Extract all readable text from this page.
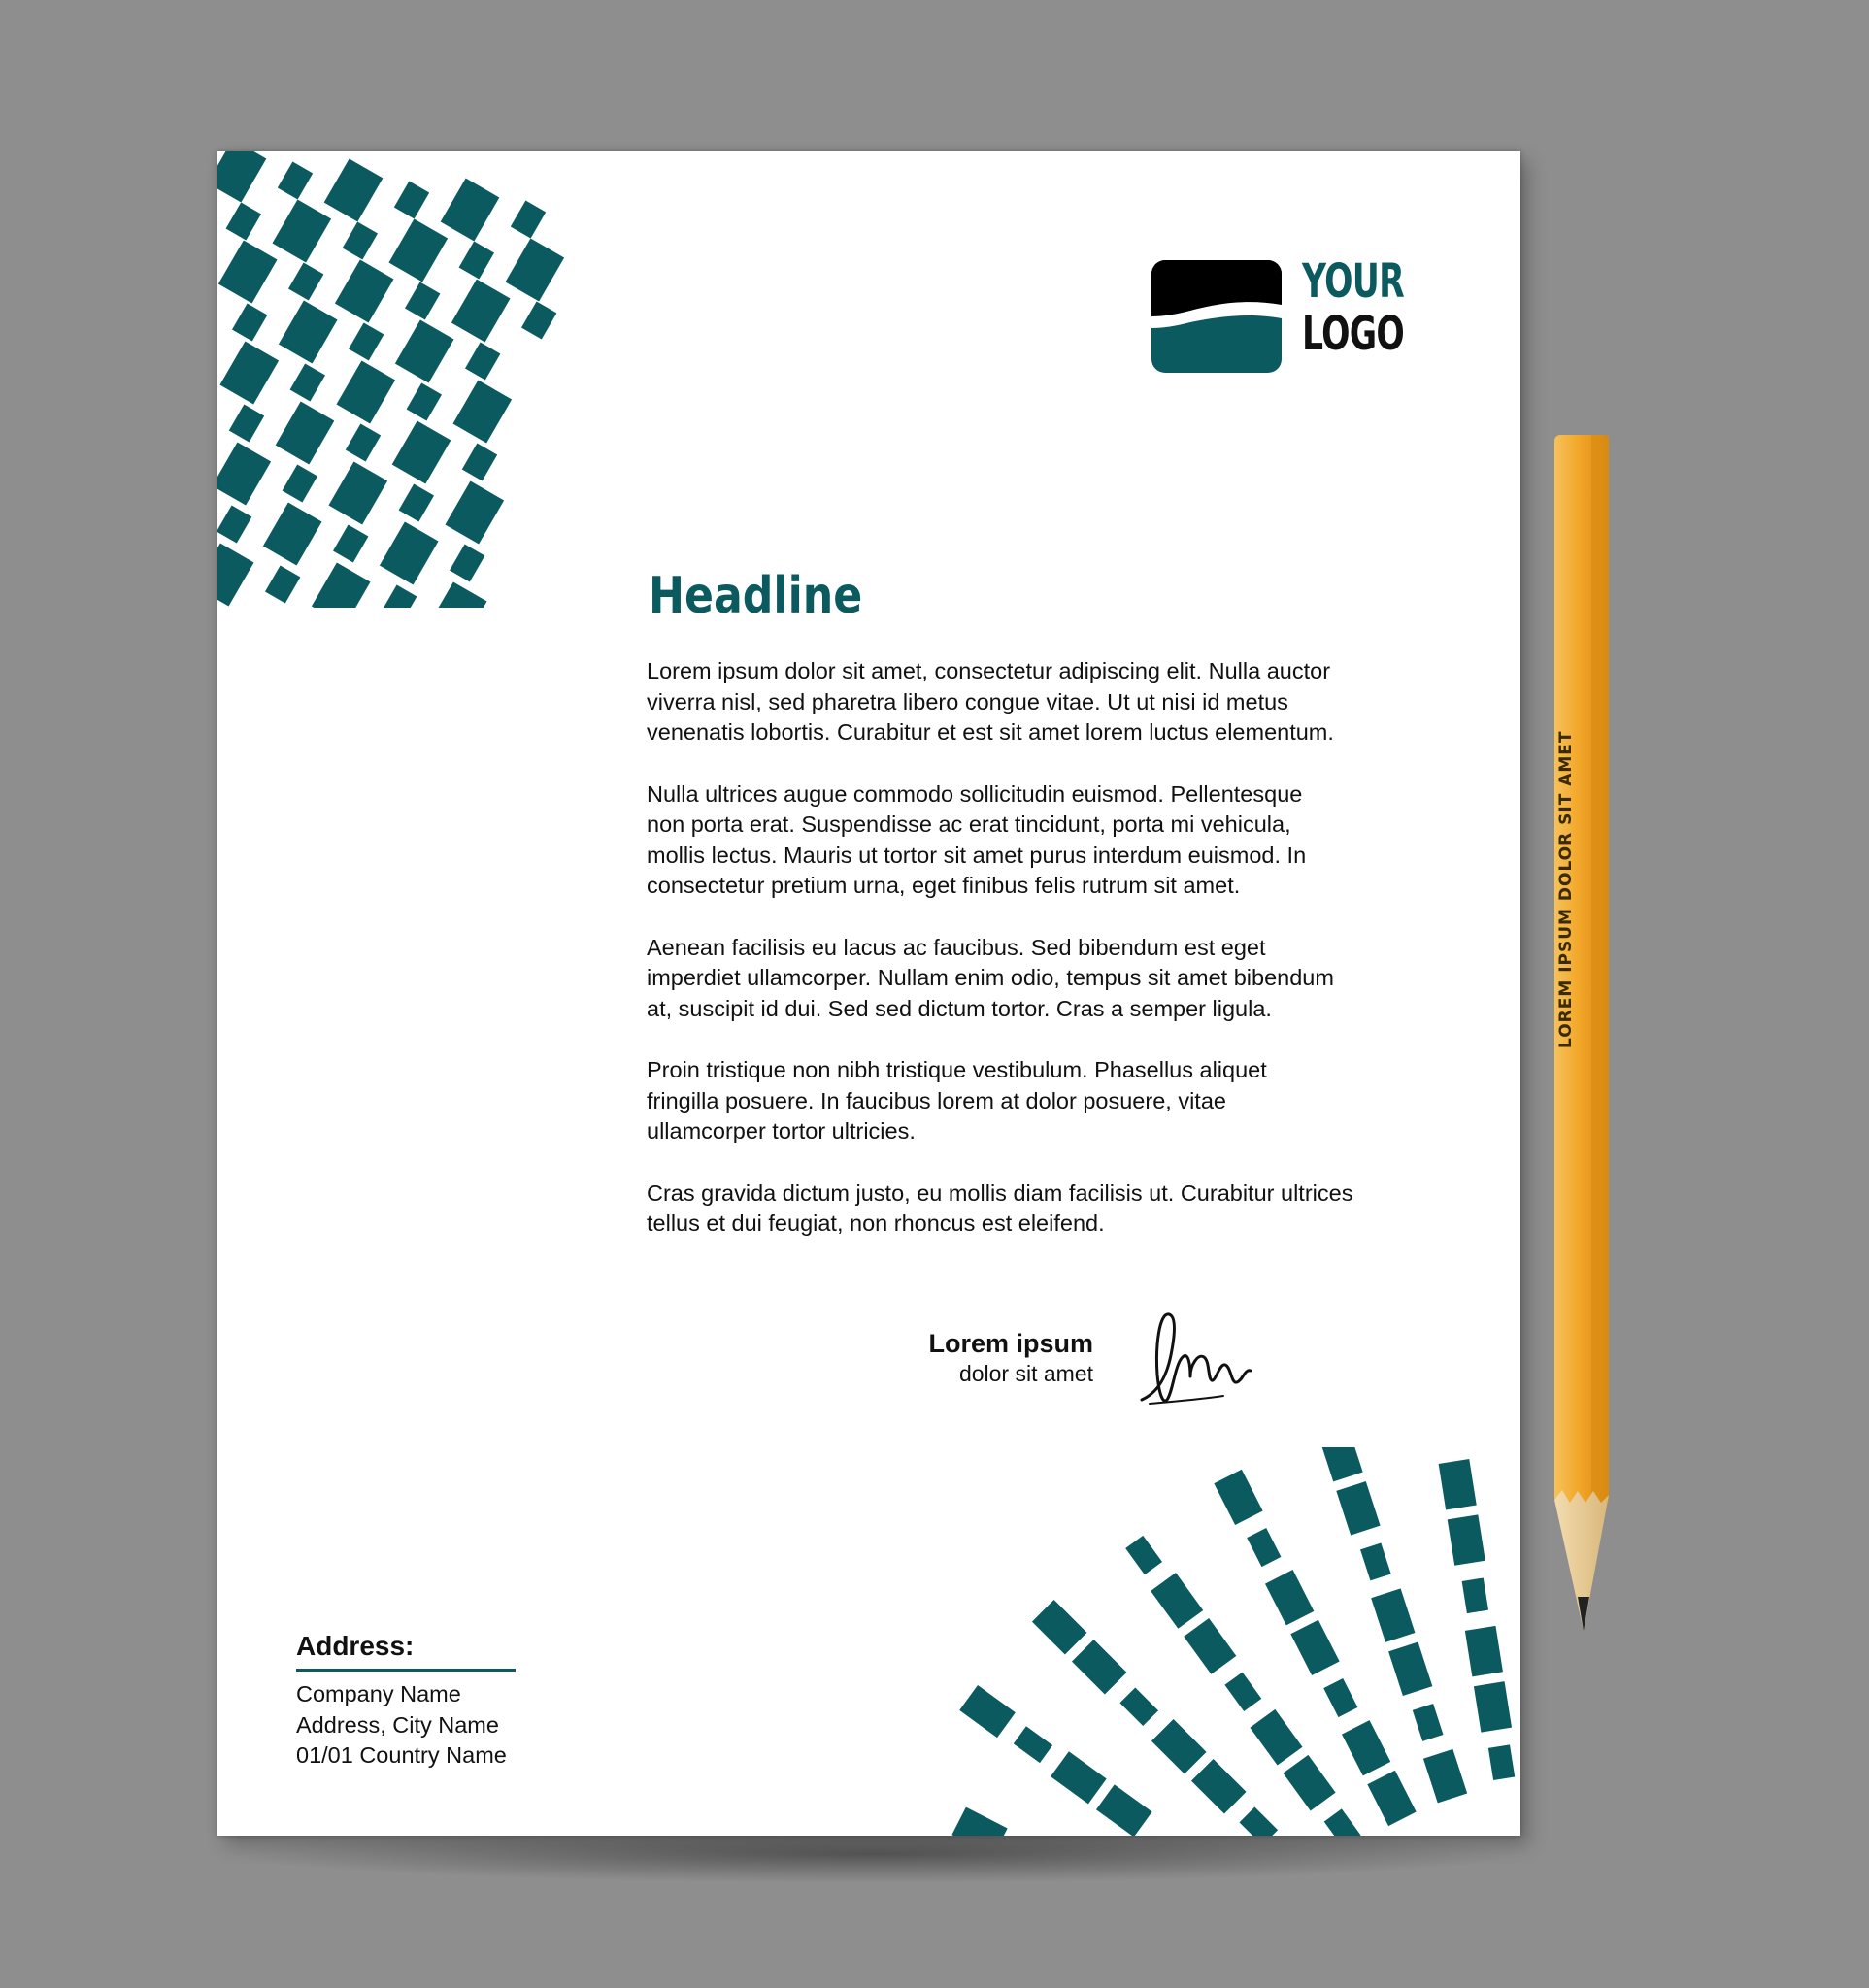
YOUR
LOGO
Headline

Lorem ipsum dolor sit amet, consectetur adipiscing elit. Nulla auctor
viverra nisl, sed pharetra libero congue vitae. Ut ut nisi id metus
venenatis lobortis. Curabitur et est sit amet lorem luctus elementum.

Nulla ultrices augue commodo sollicitudin euismod. Pellentesque
non porta erat. Suspendisse ac erat tincidunt, porta mi vehicula,
mollis lectus. Mauris ut tortor sit amet purus interdum euismod. In
consectetur pretium urna, eget finibus felis rutrum sit amet.

Aenean facilisis eu lacus ac faucibus. Sed bibendum est eget
imperdiet ullamcorper. Nullam enim odio, tempus sit amet bibendum
at, suscipit id dui. Sed sed dictum tortor. Cras a semper ligula.

Proin tristique non nibh tristique vestibulum. Phasellus aliquet
fringilla posuere. In faucibus lorem at dolor posuere, vitae
ullamcorper tortor ultricies.

Cras gravida dictum justo, eu mollis diam facilisis ut. Curabitur ultrices
tellus et dui feugiat, non rhoncus est eleifend.

Lorem ipsum
dolor sit amet
Address:
Company Name
Address, City Name
01/01 Country Name
LOREM IPSUM DOLOR SIT AMET
